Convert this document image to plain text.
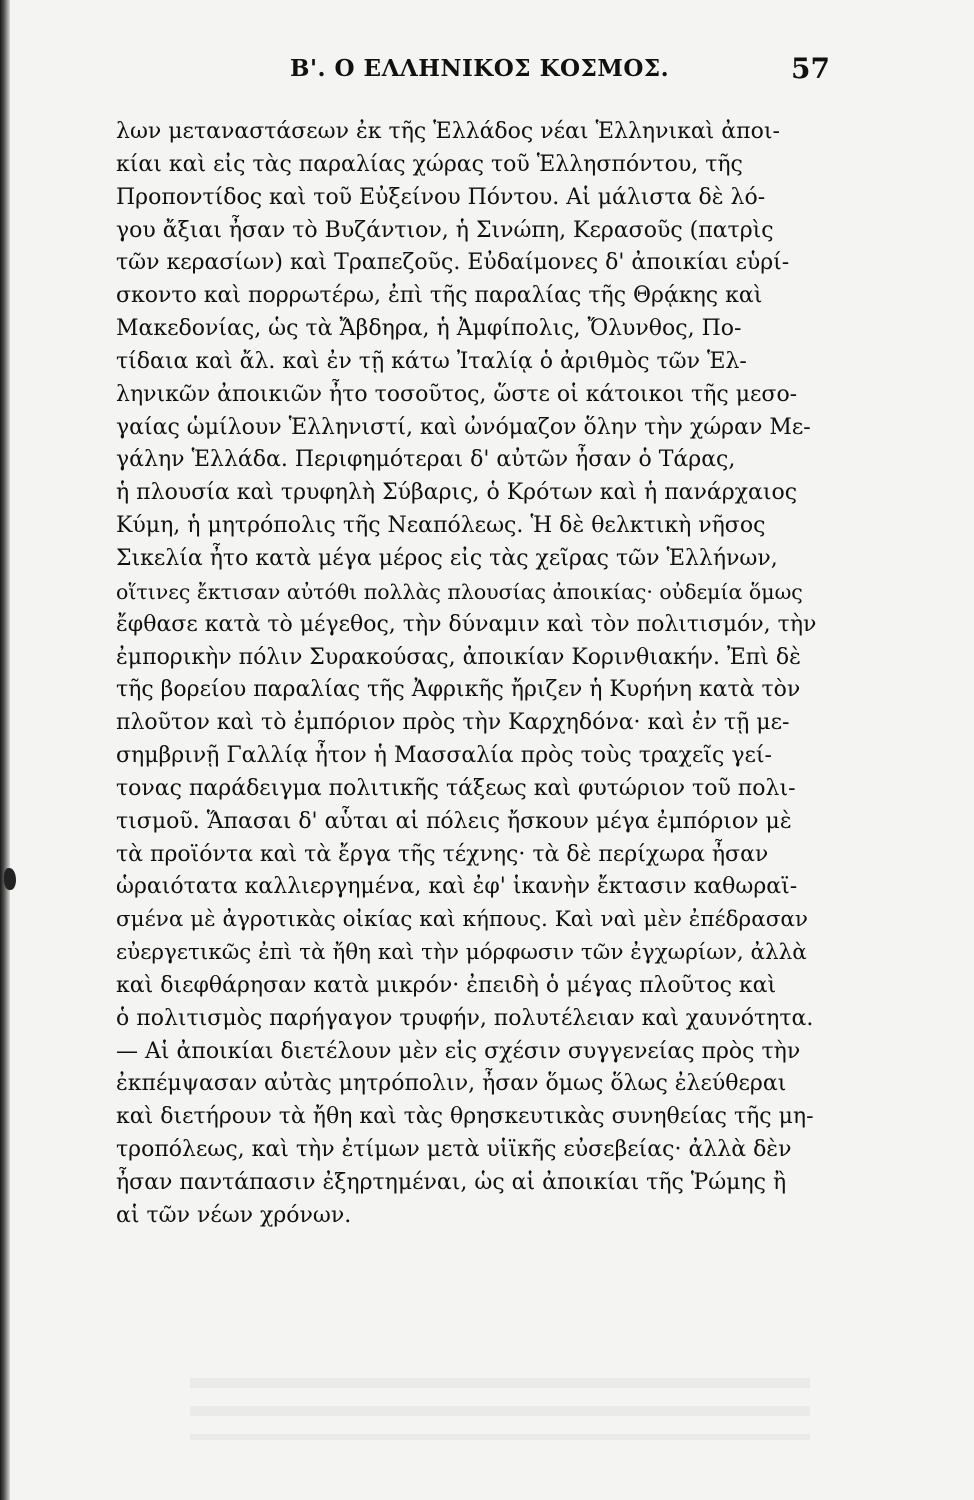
Β'. Ο ΕΛΛΗΝΙΚΟΣ ΚΟΣΜΟΣ.	57
λων μεταναστάσεων ἐκ τῆς Ἑλλάδος νέαι Ἑλληνικαὶ ἀποι-
κίαι καὶ εἰς τὰς παραλίας χώρας τοῦ Ἑλλησπόντου, τῆς
Προποντίδος καὶ τοῦ Εὐξείνου Πόντου. Αἱ μάλιστα δὲ λό-
γου ἄξιαι ἦσαν τὸ Βυζάντιον, ἡ Σινώπη, Κερασοῦς (πατρὶς
τῶν κερασίων) καὶ Τραπεζοῦς. Εὐδαίμονες δ' ἀποικίαι εὑρί-
σκοντο καὶ πορρωτέρω, ἐπὶ τῆς παραλίας τῆς Θρᾴκης καὶ
Μακεδονίας, ὡς τὰ Ἄβδηρα, ἡ Ἀμφίπολις, Ὄλυνθος, Πο-
τίδαια καὶ ἄλ. καὶ ἐν τῇ κάτω Ἰταλίᾳ ὁ ἀριθμὸς τῶν Ἑλ-
ληνικῶν ἀποικιῶν ἦτο τοσοῦτος, ὥστε οἱ κάτοικοι τῆς μεσο-
γαίας ὡμίλουν Ἑλληνιστί, καὶ ὠνόμαζον ὅλην τὴν χώραν Με-
γάλην Ἑλλάδα. Περιφημότεραι δ' αὐτῶν ἦσαν ὁ Τάρας,
ἡ πλουσία καὶ τρυφηλὴ Σύβαρις, ὁ Κρότων καὶ ἡ πανάρχαιος
Κύμη, ἡ μητρόπολις τῆς Νεαπόλεως. Ἡ δὲ θελκτικὴ νῆσος
Σικελία ἦτο κατὰ μέγα μέρος εἰς τὰς χεῖρας τῶν Ἑλλήνων,
οἵτινες ἔκτισαν αὐτόθι πολλὰς πλουσίας ἀποικίας· οὐδεμία ὅμως
ἔφθασε κατὰ τὸ μέγεθος, τὴν δύναμιν καὶ τὸν πολιτισμόν, τὴν
ἐμπορικὴν πόλιν Συρακούσας, ἀποικίαν Κορινθιακήν. Ἐπὶ δὲ
τῆς βορείου παραλίας τῆς Ἀφρικῆς ἤριζεν ἡ Κυρήνη κατὰ τὸν
πλοῦτον καὶ τὸ ἐμπόριον πρὸς τὴν Καρχηδόνα· καὶ ἐν τῇ με-
σημβρινῇ Γαλλίᾳ ἦτον ἡ Μασσαλία πρὸς τοὺς τραχεῖς γεί-
τονας παράδειγμα πολιτικῆς τάξεως καὶ φυτώριον τοῦ πολι-
τισμοῦ. Ἅπασαι δ' αὗται αἱ πόλεις ἤσκουν μέγα ἐμπόριον μὲ
τὰ προϊόντα καὶ τὰ ἔργα τῆς τέχνης· τὰ δὲ περίχωρα ἦσαν
ὡραιότατα καλλιεργημένα, καὶ ἐφ' ἱκανὴν ἔκτασιν καθωραϊ-
σμένα μὲ ἀγροτικὰς οἰκίας καὶ κήπους. Καὶ ναὶ μὲν ἐπέδρασαν
εὐεργετικῶς ἐπὶ τὰ ἤθη καὶ τὴν μόρφωσιν τῶν ἐγχωρίων, ἀλλὰ
καὶ διεφθάρησαν κατὰ μικρόν· ἐπειδὴ ὁ μέγας πλοῦτος καὶ
ὁ πολιτισμὸς παρήγαγον τρυφήν, πολυτέλειαν καὶ χαυνότητα.
— Αἱ ἀποικίαι διετέλουν μὲν εἰς σχέσιν συγγενείας πρὸς τὴν
ἐκπέμψασαν αὐτὰς μητρόπολιν, ἦσαν ὅμως ὅλως ἐλεύθεραι
καὶ διετήρουν τὰ ἤθη καὶ τὰς θρησκευτικὰς συνηθείας τῆς μη-
τροπόλεως, καὶ τὴν ἐτίμων μετὰ υἱϊκῆς εὐσεβείας· ἀλλὰ δὲν
ἦσαν παντάπασιν ἐξηρτημέναι, ὡς αἱ ἀποικίαι τῆς Ῥώμης ἢ
αἱ τῶν νέων χρόνων.
